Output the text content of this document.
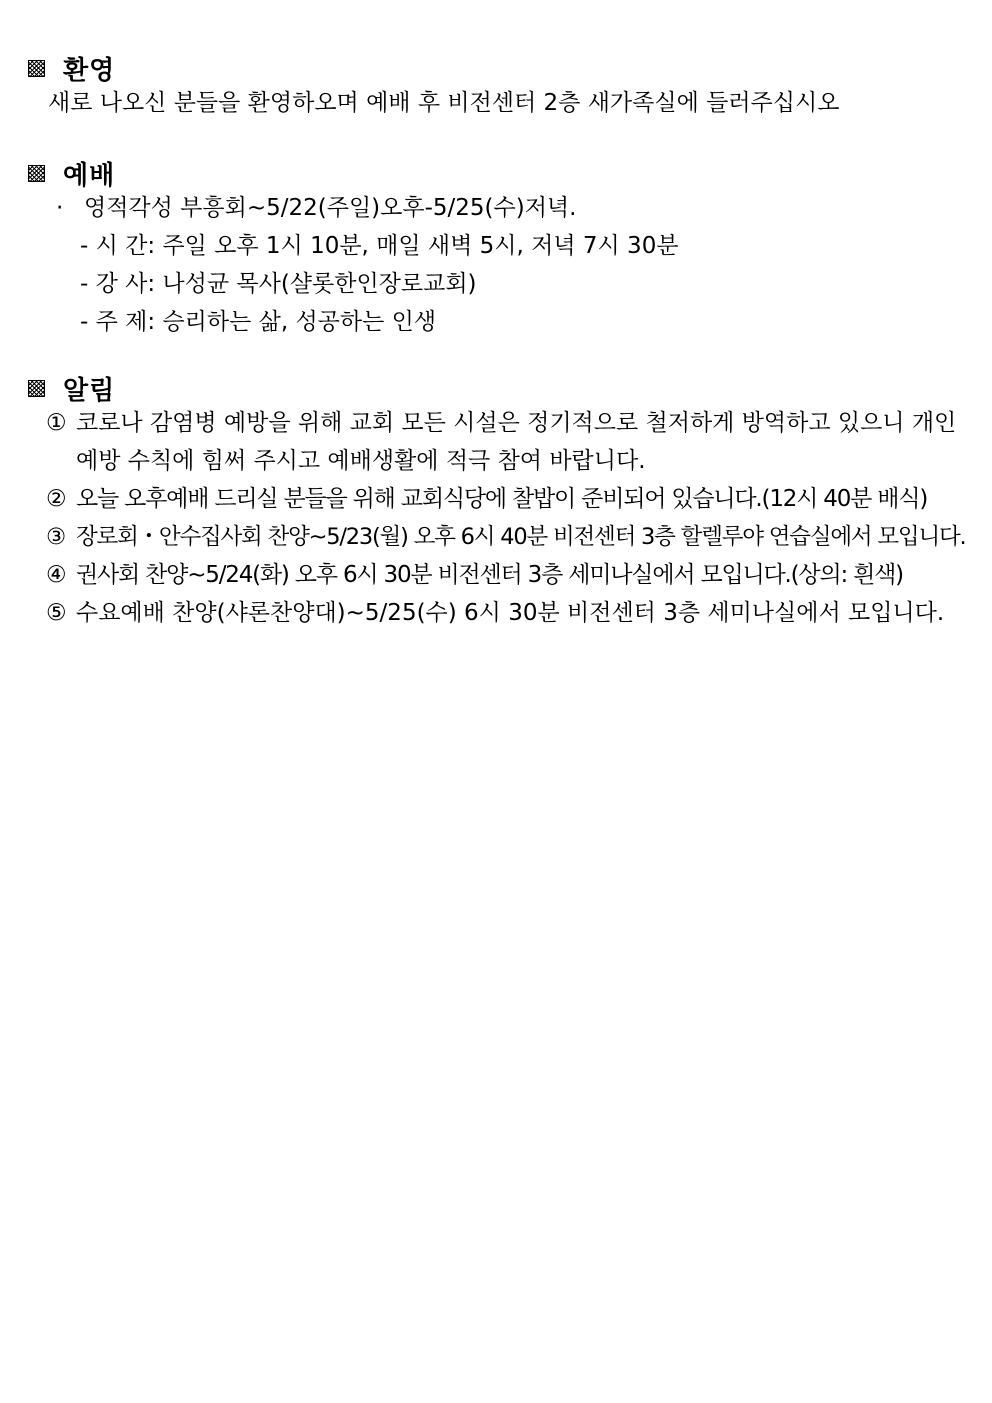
환영
새로 나오신 분들을 환영하오며 예배 후 비전센터 2층 새가족실에 들러주십시오
예배
· 영적각성 부흥회~5/22(주일)오후-5/25(수)저녁.
- 시 간: 주일 오후 1시 10분, 매일 새벽 5시, 저녁 7시 30분
- 강 사: 나성균 목사(샬롯한인장로교회)
- 주 제: 승리하는 삶, 성공하는 인생
알림
① 코로나 감염병 예방을 위해 교회 모든 시설은 정기적으로 철저하게 방역하고 있으니 개인
예방 수칙에 힘써 주시고 예배생활에 적극 참여 바랍니다.
② 오늘 오후예배 드리실 분들을 위해 교회식당에 찰밥이 준비되어 있습니다.(12시 40분 배식)
③ 장로회・안수집사회 찬양~5/23(월) 오후 6시 40분 비전센터 3층 할렐루야 연습실에서 모입니다.
④ 권사회 찬양~5/24(화) 오후 6시 30분 비전센터 3층 세미나실에서 모입니다.(상의: 흰색)
⑤ 수요예배 찬양(샤론찬양대)~5/25(수) 6시 30분 비전센터 3층 세미나실에서 모입니다.
